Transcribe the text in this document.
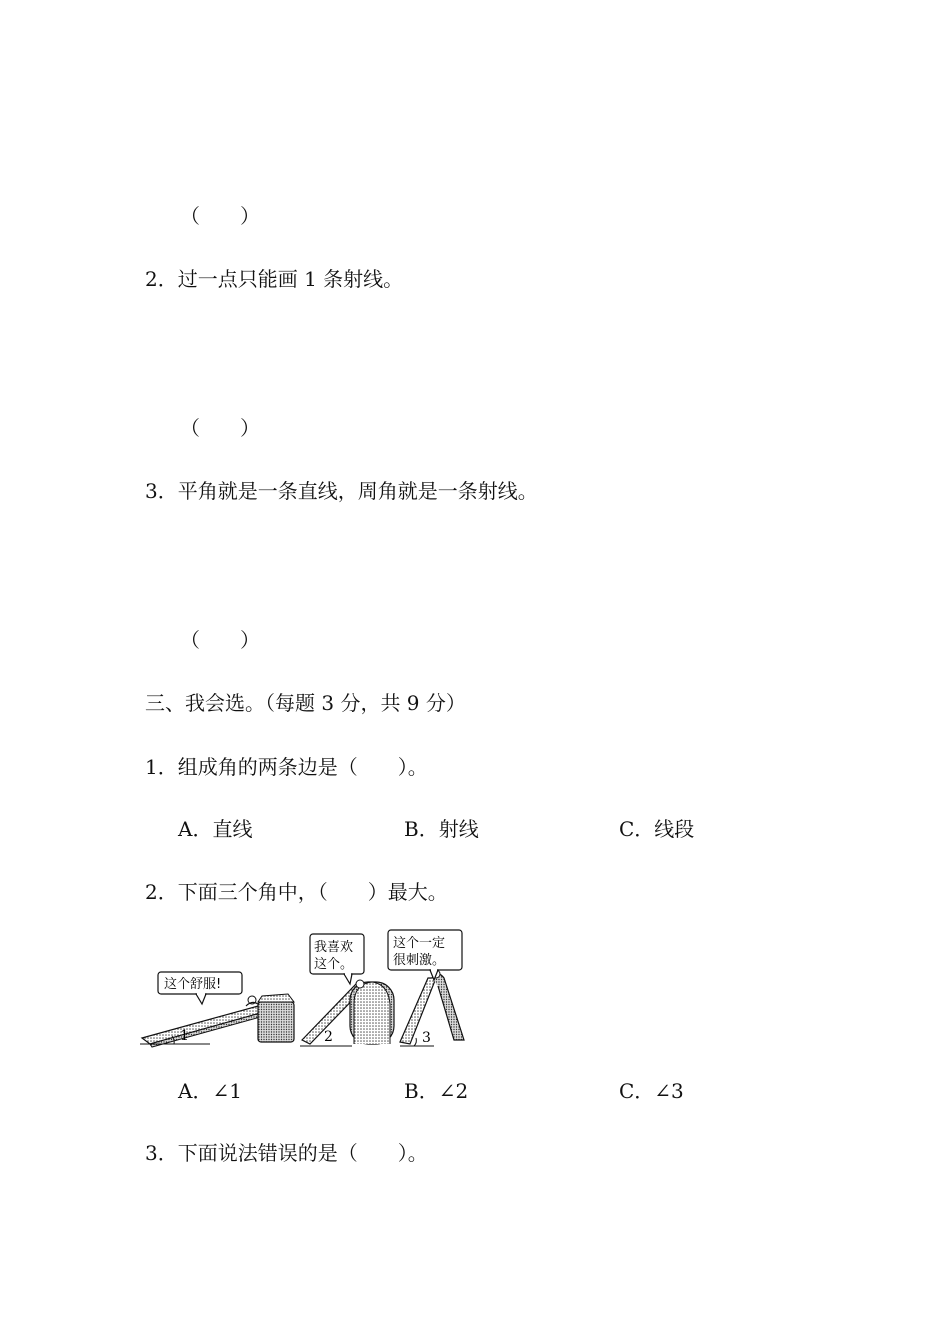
（　　）
2．过一点只能画 1 条射线。
（　　）
3．平角就是一条直线，周角就是一条射线。
（　　）
三、我会选。（每题 3 分，共 9 分）
1．组成角的两条边是（　　）。
A．直线	B．射线	C．线段
2．下面三个角中，（　　）最大。
这个舒服!
1
我喜欢
这个。
2
这个一定
很刺激。
3
A．∠1	B．∠2	C．∠3
3．下面说法错误的是（　　）。
